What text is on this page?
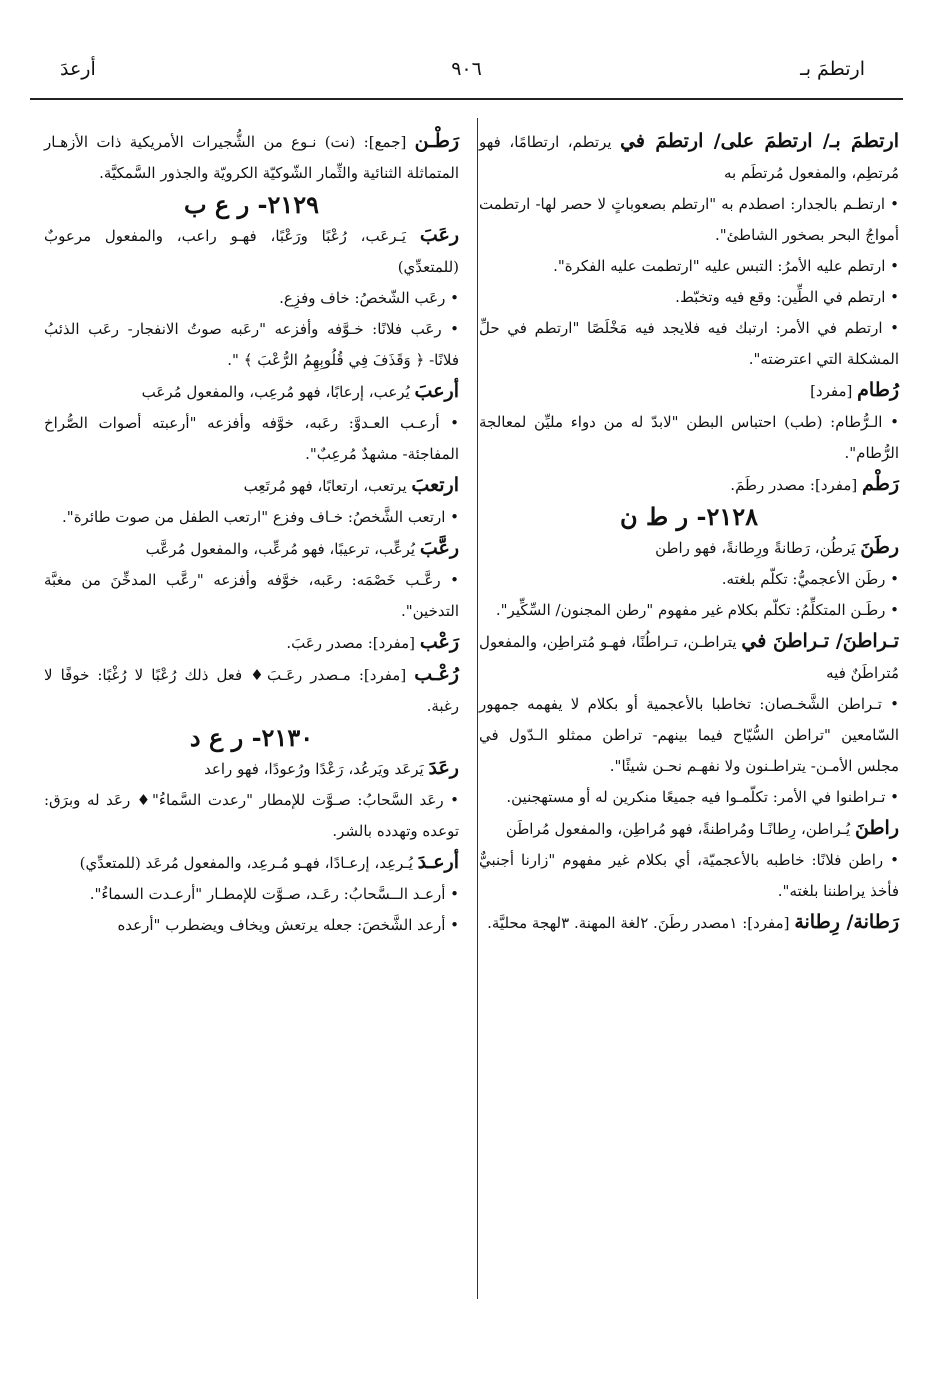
ارتطمَ بـ
٩٠٦
أرعدَ

ارتطمَ بـ/ ارتطمَ على/ ارتطمَ في يرتطم، ارتطامًا، فهو مُرتطِم، والمفعول مُرتطَم به

• ارتطـم بالجدار: اصطدم به "ارتطم بصعوباتٍ لا حصر لها- ارتطمت أمواجُ البحر بصخور الشاطئ".

• ارتطم عليه الأمرُ: التبس عليه "ارتطمت عليه الفكرة".

• ارتطم في الطِّين: وقع فيه وتخبّط.

• ارتطم في الأمر: ارتبك فيه فلايجد فيه مَخْلَصًا "ارتطم في حلِّ المشكلة التي اعترضته".

رُطام [مفرد]

• الـرُّطام: (طب) احتباس البطن "لابدّ له من دواء مليِّن لمعالجة الرُّطام".

رَطْم [مفرد]: مصدر رطَمَ.

٢١٢٨- ر ط ن

رطَنَ يَرطُن، رَطانةً ورِطانةً، فهو راطن

• رطَن الأعجميُّ: تكلّم بلغته.

• رطَـن المتكلِّمُ: تكلّم بكلام غير مفهوم "رطن المجنون/ السِّكِّير".

تـراطنَ/ تـراطنَ في يتراطـن، تـراطُنًا، فهـو مُتراطِن، والمفعول مُتراطَنٌ فيه

• تـراطن الشَّخـصان: تخاطبا بالأعجمية أو بكلام لا يفهمه جمهور السّامعين "تراطن السُّيّاح فيما بينهم- تراطن ممثلو الـدّول في مجلس الأمـن- يتراطـنون ولا نفهـم نحـن شيئًا".

• تـراطنوا في الأمر: تكلّمـوا فيه جميعًا منكرين له أو مستهجنين.

راطنَ يُـراطن، رِطانًـا ومُراطنةً، فهو مُراطِن، والمفعول مُراطَن

• راطن فلانًا: خاطبه بالأعجميّة، أي بكلام غير مفهوم "زارنا أجنبيٌّ فأخذ يراطننا بلغته".

رَطانة/ رِطانة [مفرد]: ١مصدر رطَنَ. ٢لغة المهنة. ٣لهجة محليَّة.

رَطْـن [جمع]: (نت) نـوع من الشُّجيرات الأمريكية ذات الأزهـار المتماثلة الثنائية والثِّمار الشّوكيّة الكرويّة والجذور السَّمكيَّة.

٢١٢٩- ر ع ب

رعَبَ يَـرعَب، رُعْبًا ورَعْبًا، فهـو راعب، والمفعول مرعوبٌ (للمتعدِّي)

• رعَب الشّخصُ: خاف وفزِع.

• رعَب فلانًا: خـوَّفه وأفزعه "رعَبه صوتُ الانفجار- رعَب الذئبُ فلانًا- ﴿ وَقَذَفَ فِي قُلُوبِهِمُ الرُّعْبَ ﴾ ".

أرعبَ يُرعب، إرعابًا، فهو مُرعِب، والمفعول مُرعَب

• أرعـب العـدوَّ: رعَبه، خوَّفه وأفزعه "أرعبته أصوات الصُّراخ المفاجئة- مشهدٌ مُرعِبٌ".

ارتعبَ يرتعب، ارتعابًا، فهو مُرتَعِب

• ارتعب الشَّخصُ: خـاف وفزع "ارتعب الطفل من صوت طائرة".

رعَّبَ يُرعِّب، ترعيبًا، فهو مُرعِّب، والمفعول مُرعَّب

• رعَّـب خَصْمَه: رعَبه، خوَّفه وأفزعه "رعَّب المدخِّنَ من مغبَّة التدخين".

رَعْب [مفرد]: مصدر رعَبَ.

رُعْـب [مفرد]: مـصدر رعَـبَ♦ فعل ذلك رُعْبًا لا رُغْبًا: خوفًا لا رغبة.

٢١٣٠- ر ع د

رعَدَ يَرعَد ويَرعُد، رَعْدًا ورُعودًا، فهو راعد

• رعَد السَّحابُ: صـوَّت للإمطار "رعدت السَّماءُ"♦ رعَد له وبرَق: توعده وتهدده بالشر.

أرعـدَ يُـرعِد، إرعـادًا، فهـو مُـرعِد، والمفعول مُرعَد (للمتعدِّي)

• أرعـد الــسَّحابُ: رعَـد، صـوَّت للإمطـار "أرعـدت السماءُ".

• أرعد الشَّخصَ: جعله يرتعش ويخاف ويضطرب "أرعده
